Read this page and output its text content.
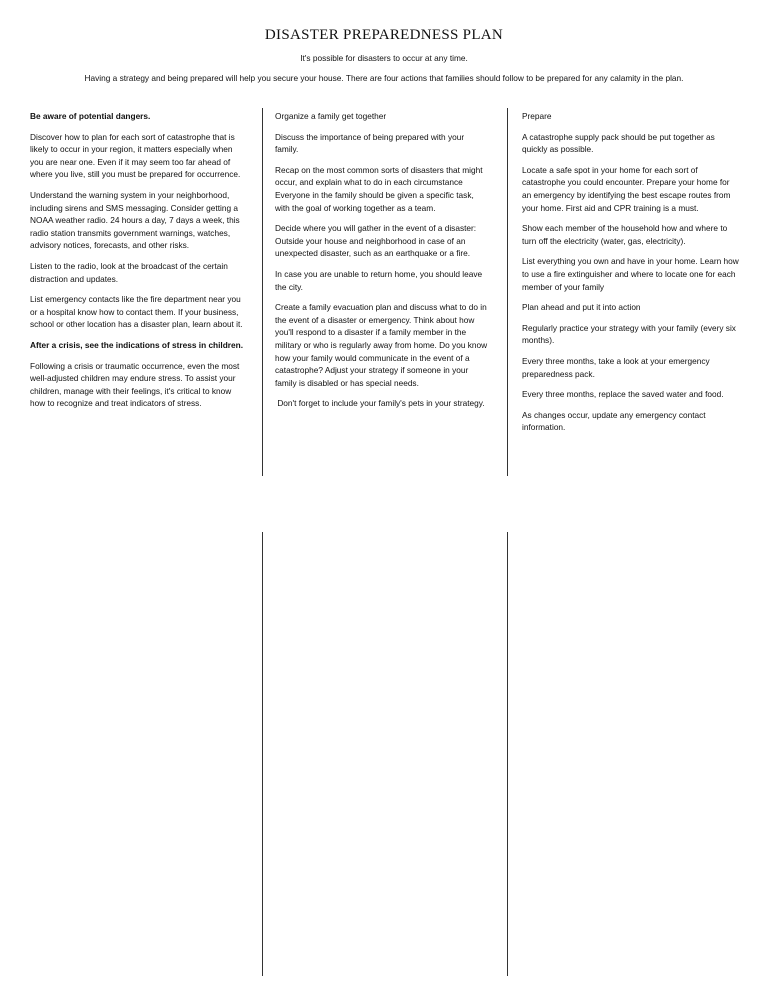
DISASTER PREPAREDNESS PLAN
It's possible for disasters to occur at any time.
Having a strategy and being prepared will help you secure your house. There are four actions that families should follow to be prepared for any calamity in the plan.

Be aware of potential dangers.

Discover how to plan for each sort of catastrophe that is likely to occur in your region, it matters especially when you are near one. Even if it may seem too far ahead of where you live, still you must be prepared for occurrence.

Understand the warning system in your neighborhood, including sirens and SMS messaging. Consider getting a NOAA weather radio. 24 hours a day, 7 days a week, this radio station transmits government warnings, watches, advisory notices, forecasts, and other risks.

Listen to the radio, look at the broadcast of the certain distraction and updates.

List emergency contacts like the fire department near you or a hospital know how to contact them. If your business, school or other location has a disaster plan, learn about it.

After a crisis, see the indications of stress in children.

Following a crisis or traumatic occurrence, even the most well-adjusted children may endure stress. To assist your children, manage with their feelings, it's critical to know how to recognize and treat indicators of stress.

Organize a family get together

Discuss the importance of being prepared with your family.

Recap on the most common sorts of disasters that might occur, and explain what to do in each circumstance Everyone in the family should be given a specific task, with the goal of working together as a team.

Decide where you will gather in the event of a disaster: Outside your house and neighborhood in case of an unexpected disaster, such as an earthquake or a fire.

In case you are unable to return home, you should leave the city.

Create a family evacuation plan and discuss what to do in the event of a disaster or emergency. Think about how you'll respond to a disaster if a family member in the military or who is regularly away from home. Do you know how your family would communicate in the event of a catastrophe? Adjust your strategy if someone in your family is disabled or has special needs.

Don't forget to include your family's pets in your strategy.

Prepare

A catastrophe supply pack should be put together as quickly as possible.

Locate a safe spot in your home for each sort of catastrophe you could encounter. Prepare your home for an emergency by identifying the best escape routes from your home. First aid and CPR training is a must.

Show each member of the household how and where to turn off the electricity (water, gas, electricity).

List everything you own and have in your home. Learn how to use a fire extinguisher and where to locate one for each member of your family

Plan ahead and put it into action

Regularly practice your strategy with your family (every six months).

Every three months, take a look at your emergency preparedness pack.

Every three months, replace the saved water and food.

As changes occur, update any emergency contact information.
